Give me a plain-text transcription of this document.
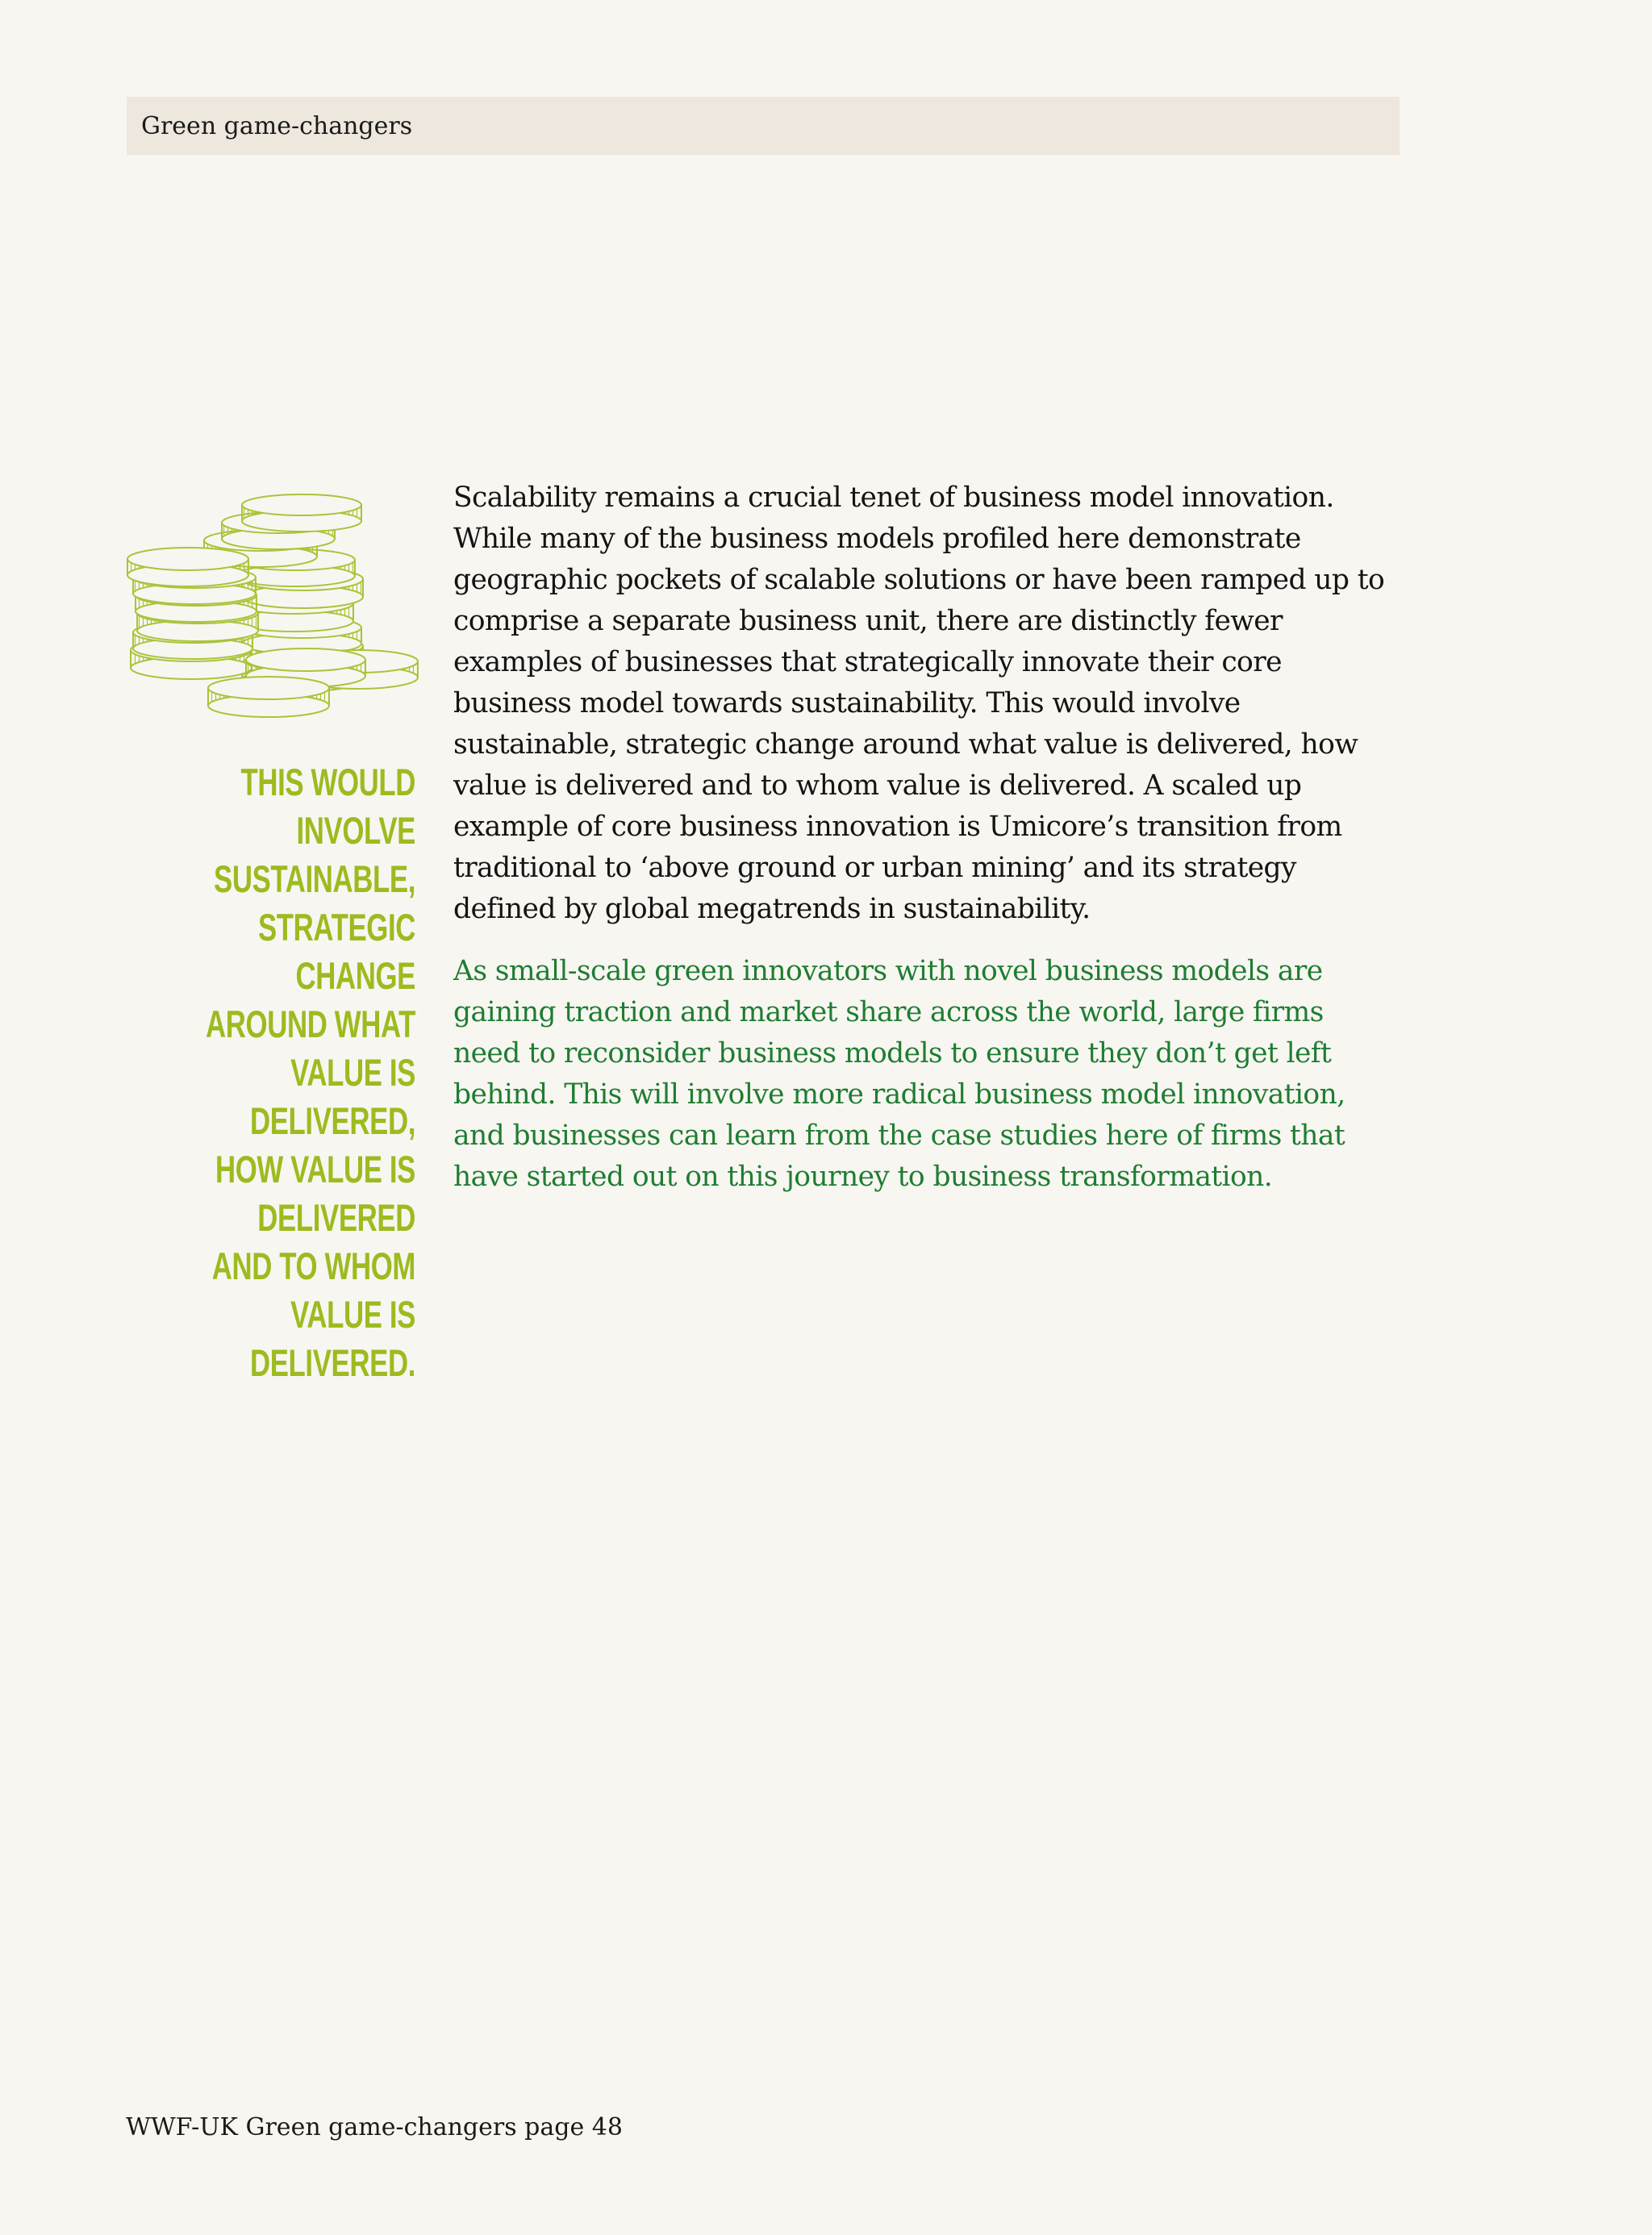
Green game-changers
THIS WOULD INVOLVE SUSTAINABLE, STRATEGIC CHANGE AROUND WHAT VALUE IS DELIVERED, HOW VALUE IS DELIVERED AND TO WHOM VALUE IS DELIVERED.

Scalability remains a crucial tenet of business model innovation. While many of the business models profiled here demonstrate geographic pockets of scalable solutions or have been ramped up to comprise a separate business unit, there are distinctly fewer examples of businesses that strategically innovate their core business model towards sustainability. This would involve sustainable, strategic change around what value is delivered, how value is delivered and to whom value is delivered. A scaled up example of core business innovation is Umicore’s transition from traditional to ‘above ground or urban mining’ and its strategy defined by global megatrends in sustainability.

As small-scale green innovators with novel business models are gaining traction and market share across the world, large firms need to reconsider business models to ensure they don’t get left behind. This will involve more radical business model innovation, and businesses can learn from the case studies here of firms that have started out on this journey to business transformation.

WWF-UK Green game-changers page 48
